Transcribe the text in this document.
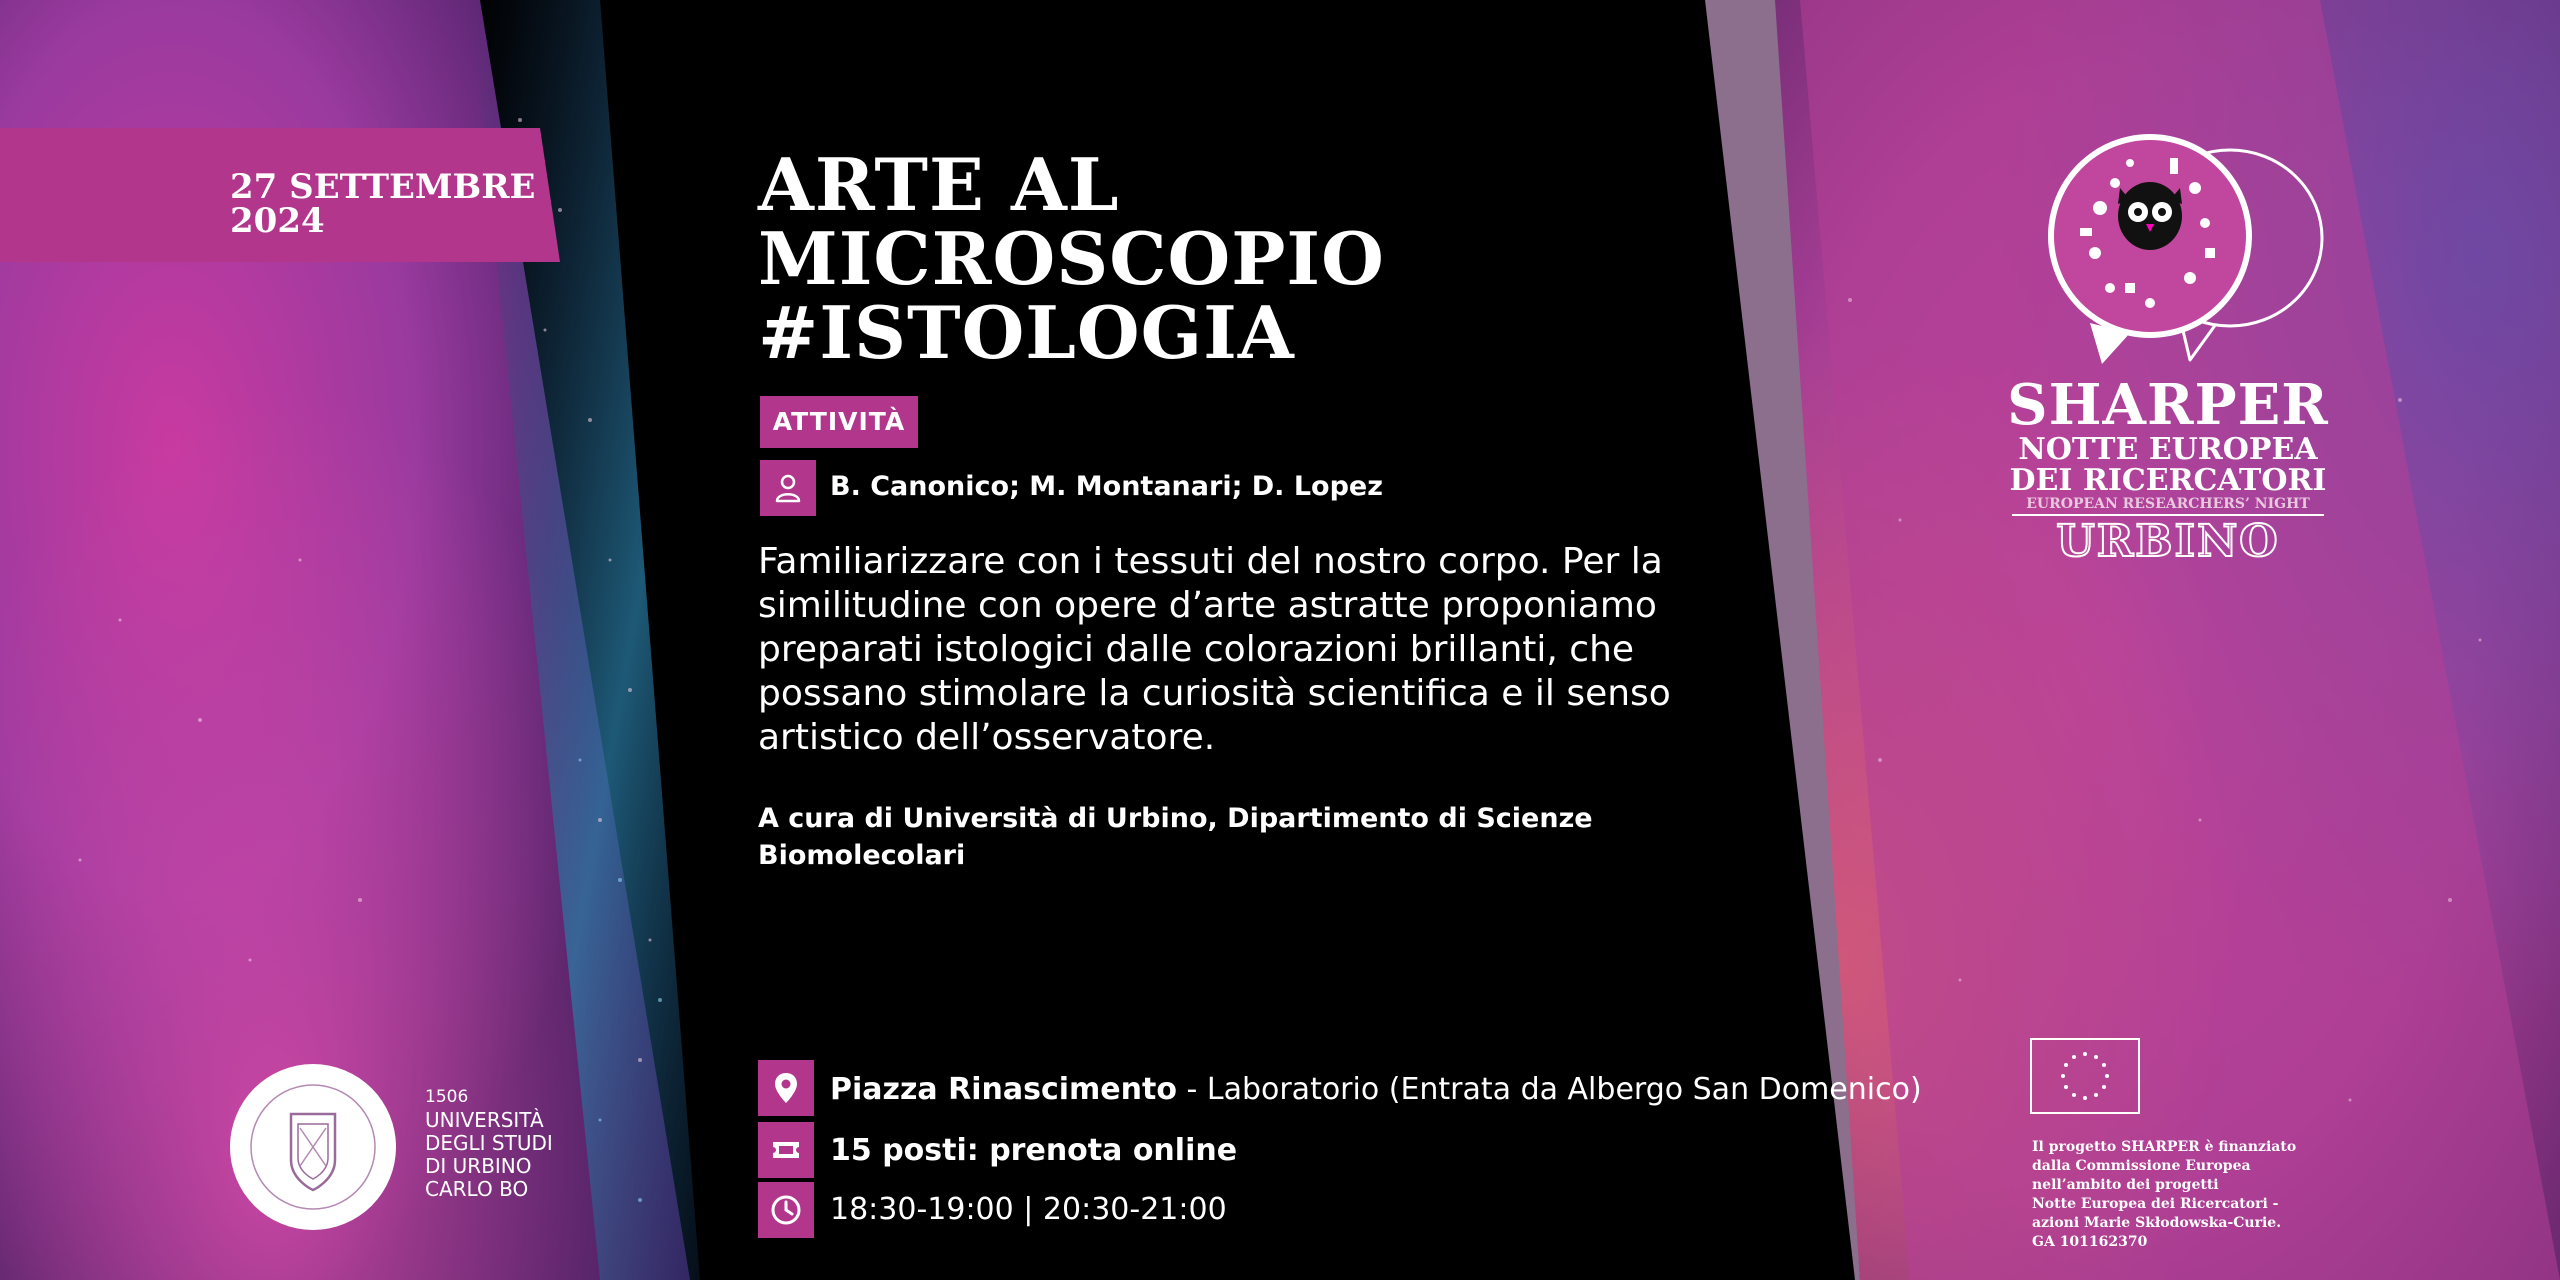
27 SETTEMBRE
2024	ARTE AL
MICROSCOPIO
#ISTOLOGIA
ATTIVITÀ
B. Canonico; M. Montanari; D. Lopez
Familiarizzare con i tessuti del nostro corpo. Per la similitudine con opere d’arte astratte proponiamo preparati istologici dalle colorazioni brillanti, che possano stimolare la curiosità scientifica e il senso artistico dell’osservatore.
A cura di Università di Urbino, Dipartimento di Scienze Biomolecolari
Piazza Rinascimento - Laboratorio (Entrata da Albergo San Domenico)
15 posti: prenota online
18:30-19:00 | 20:30-21:00
1506
UNIVERSITÀ
DEGLI STUDI
DI URBINO
CARLO BO
SHARPER
NOTTE EUROPEA
DEI RICERCATORI
EUROPEAN RESEARCHERS’ NIGHT
URBINO
Il progetto SHARPER è finanziato
dalla Commissione Europea
nell’ambito dei progetti
Notte Europea dei Ricercatori -
azioni Marie Skłodowska-Curie.
GA 101162370
